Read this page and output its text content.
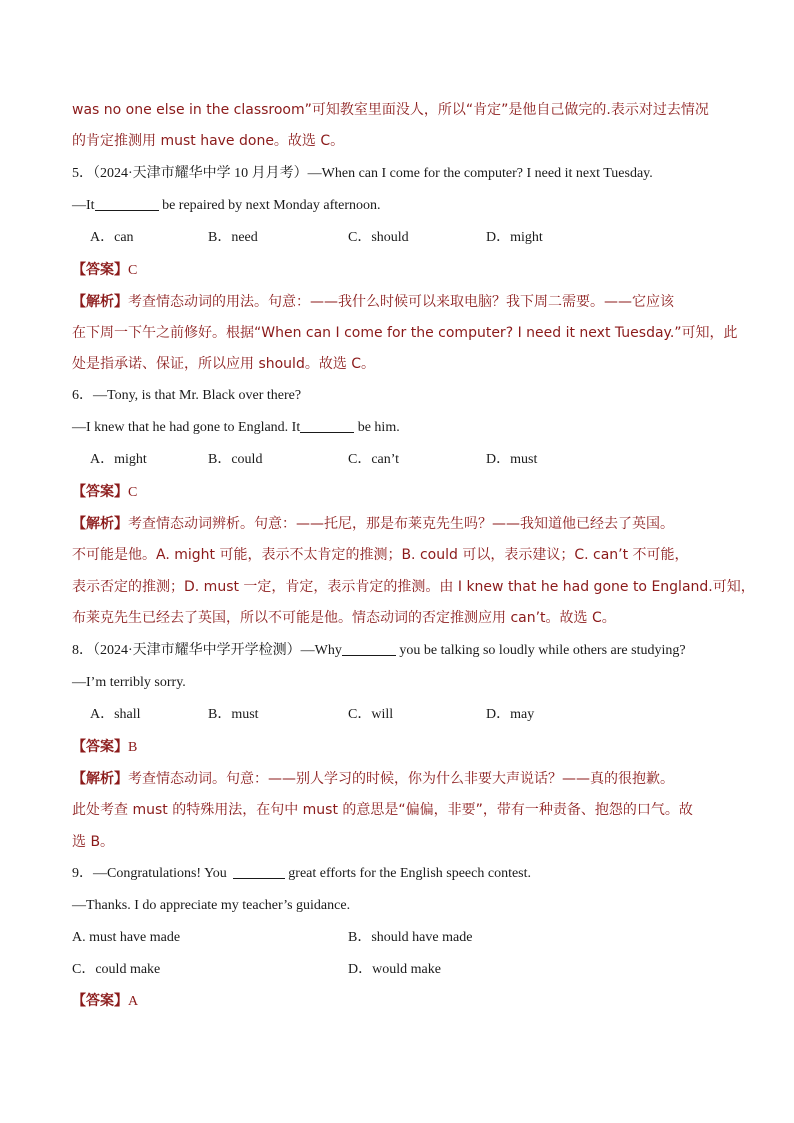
was no one else in the classroom”可知教室里面没人，所以“肯定”是他自己做完的.表示对过去情况
的肯定推测用 must have done。故选 C。
5．（2024·天津市耀华中学 10 月月考）—When can I come for the computer? I need it next Tuesday.
—It	be repaired by next Monday afternoon.
A．can	B．need	C．should	D．might
【答案】C
【解析】考查情态动词的用法。句意：——我什么时候可以来取电脑？我下周二需要。——它应该
在下周一下午之前修好。根据“When can I come for the computer? I need it next Tuesday.”可知，此
处是指承诺、保证，所以应用 should。故选 C。
6．—Tony, is that Mr. Black over there?
—I knew that he had gone to England. It	be him.
A．might	B．could	C．can’t	D．must
【答案】C
【解析】考查情态动词辨析。句意：——托尼，那是布莱克先生吗？——我知道他已经去了英国。
不可能是他。A. might 可能，表示不太肯定的推测；B. could 可以，表示建议；C. can’t 不可能，
表示否定的推测；D. must 一定，肯定，表示肯定的推测。由 I knew that he had gone to England.可知，
布莱克先生已经去了英国，所以不可能是他。情态动词的否定推测应用 can’t。故选 C。
8．（2024·天津市耀华中学开学检测）—Why	you be talking so loudly while others are studying?
—I’m terribly sorry.
A．shall	B．must	C．will	D．may
【答案】B
【解析】考查情态动词。句意：——别人学习的时候，你为什么非要大声说话？——真的很抱歉。
此处考查 must 的特殊用法，在句中 must 的意思是“偏偏，非要”，带有一种责备、抱怨的口气。故
选 B。
9．—Congratulations! You	great efforts for the English speech contest.
—Thanks. I do appreciate my teacher’s guidance.
A. must have made	B．should have made
C．could make	D．would make
【答案】A
